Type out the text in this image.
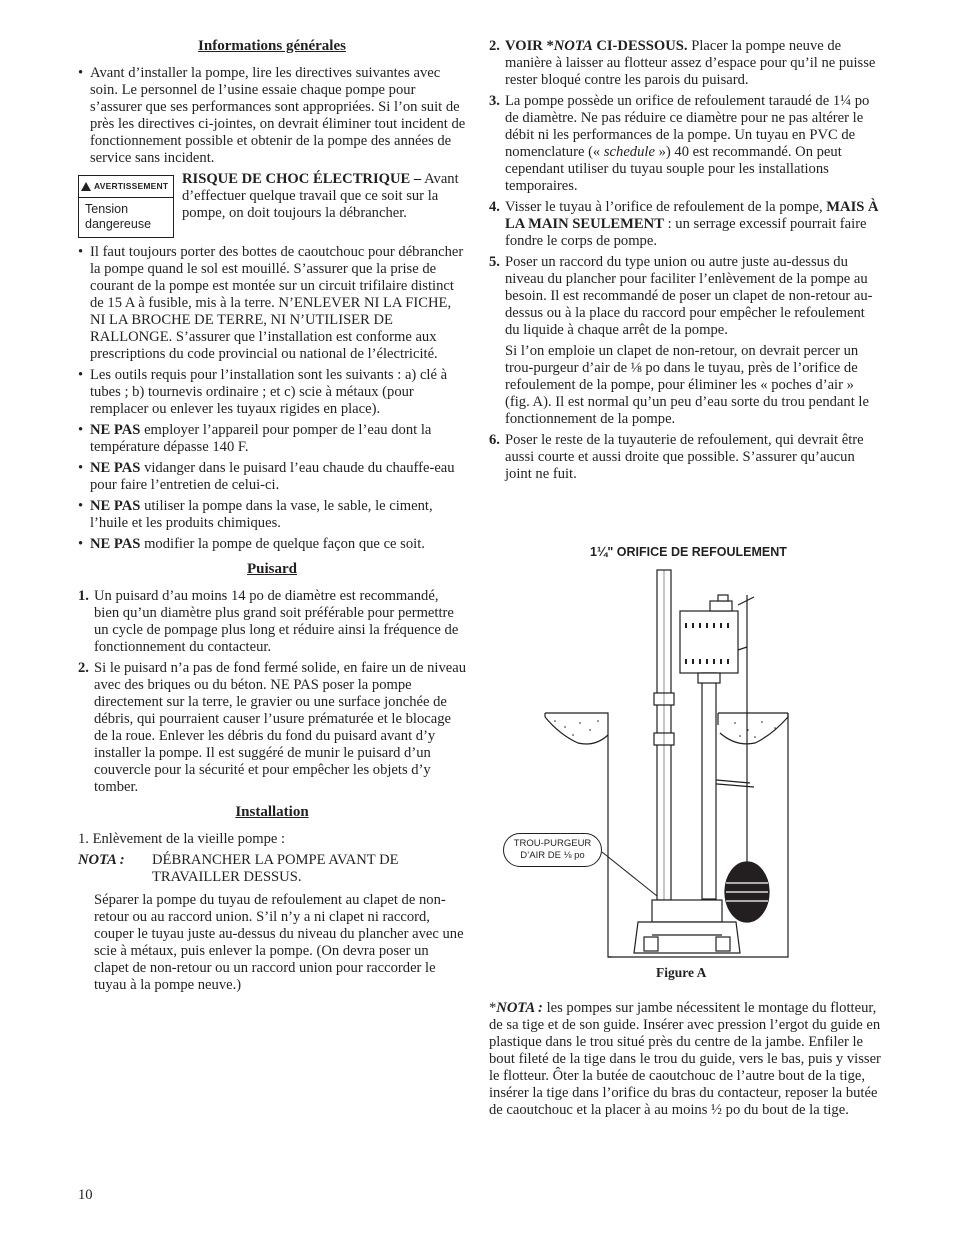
Informations générales

• Avant d’installer la pompe, lire les directives suivantes avec soin. Le personnel de l’usine essaie chaque pompe pour s’assurer que ses performances sont appropriées. Si l’on suit de près les directives ci-jointes, on devrait éliminer tout incident de fonctionnement possible et obtenir de la pompe des années de service sans incident.

AVERTISSEMENT
Tension dangereuse
RISQUE DE CHOC ÉLECTRIQUE – Avant d’effectuer quelque travail que ce soit sur la pompe, on doit toujours la débrancher.

• Il faut toujours porter des bottes de caoutchouc pour débrancher la pompe quand le sol est mouillé. S’assurer que la prise de courant de la pompe est montée sur un circuit trifilaire distinct de 15 A à fusible, mis à la terre. N’ENLEVER NI LA FICHE, NI LA BROCHE DE TERRE, NI N’UTILISER DE RALLONGE. S’assurer que l’installation est conforme aux prescriptions du code provincial ou national de l’électricité.

• Les outils requis pour l’installation sont les suivants : a) clé à tubes ; b) tournevis ordinaire ; et c) scie à métaux (pour remplacer ou enlever les tuyaux rigides en place).

• NE PAS employer l’appareil pour pomper de l’eau dont la température dépasse 140 F.

• NE PAS vidanger dans le puisard l’eau chaude du chauffe-eau pour faire l’entretien de celui-ci.

• NE PAS utiliser la pompe dans la vase, le sable, le ciment, l’huile et les produits chimiques.

• NE PAS modifier la pompe de quelque façon que ce soit.

Puisard

1. Un puisard d’au moins 14 po de diamètre est recommandé, bien qu’un diamètre plus grand soit préférable pour permettre un cycle de pompage plus long et réduire ainsi la fréquence de fonctionnement du contacteur.
2. Si le puisard n’a pas de fond fermé solide, en faire un de niveau avec des briques ou du béton. NE PAS poser la pompe directement sur la terre, le gravier ou une surface jonchée de débris, qui pourraient causer l’usure prématurée et le blocage de la roue. Enlever les débris du fond du puisard avant d’y installer la pompe. Il est suggéré de munir le puisard d’un couvercle pour la sécurité et pour empêcher les objets d’y tomber.

Installation

1. Enlèvement de la vieille pompe :

NOTA :	DÉBRANCHER LA POMPE AVANT DE TRAVAILLER DESSUS.

Séparer la pompe du tuyau de refoulement au clapet de non-retour ou au raccord union. S’il n’y a ni clapet ni raccord, couper le tuyau juste au-dessus du niveau du plancher avec une scie à métaux, puis enlever la pompe. (On devra poser un clapet de non-retour ou un raccord union pour raccorder le tuyau à la pompe neuve.)

2. VOIR *NOTA CI-DESSOUS. Placer la pompe neuve de manière à laisser au flotteur assez d’espace pour qu’il ne puisse rester bloqué contre les parois du puisard.
3. La pompe possède un orifice de refoulement taraudé de 1¼ po de diamètre. Ne pas réduire ce diamètre pour ne pas altérer le débit ni les performances de la pompe. Un tuyau en PVC de nomenclature (« schedule ») 40 est recommandé. On peut cependant utiliser du tuyau souple pour les installations temporaires.
4. Visser le tuyau à l’orifice de refoulement de la pompe, MAIS À LA MAIN SEULEMENT : un serrage excessif pourrait faire fondre le corps de pompe.
5. Poser un raccord du type union ou autre juste au-dessus du niveau du plancher pour faciliter l’enlèvement de la pompe au besoin. Il est recommandé de poser un clapet de non-retour au-dessus ou à la place du raccord pour empêcher le refoulement du liquide à chaque arrêt de la pompe.

Si l’on emploie un clapet de non-retour, on devrait percer un trou-purgeur d’air de ⅛ po dans le tuyau, près de l’orifice de refoulement de la pompe, pour éliminer les « poches d’air » (fig. A). Il est normal qu’un peu d’eau sorte du trou pendant le fonctionnement de la pompe.

6. Poser le reste de la tuyauterie de refoulement, qui devrait être aussi courte et aussi droite que possible. S’assurer qu’aucun joint ne fuit.
1¼" ORIFICE DE REFOULEMENT
TROU-PURGEUR
D’AIR DE ⅛ po
Figure A
*NOTA : les pompes sur jambe nécessitent le montage du flotteur, de sa tige et de son guide. Insérer avec pression l’ergot du guide en plastique dans le trou situé près du centre de la jambe. Enfiler le bout fileté de la tige dans le trou du guide, vers le bas, puis y visser le flotteur. Ôter la butée de caoutchouc de l’autre bout de la tige, insérer la tige dans l’orifice du bras du contacteur, reposer la butée de caoutchouc et la placer à au moins ½ po du bout de la tige.
10
